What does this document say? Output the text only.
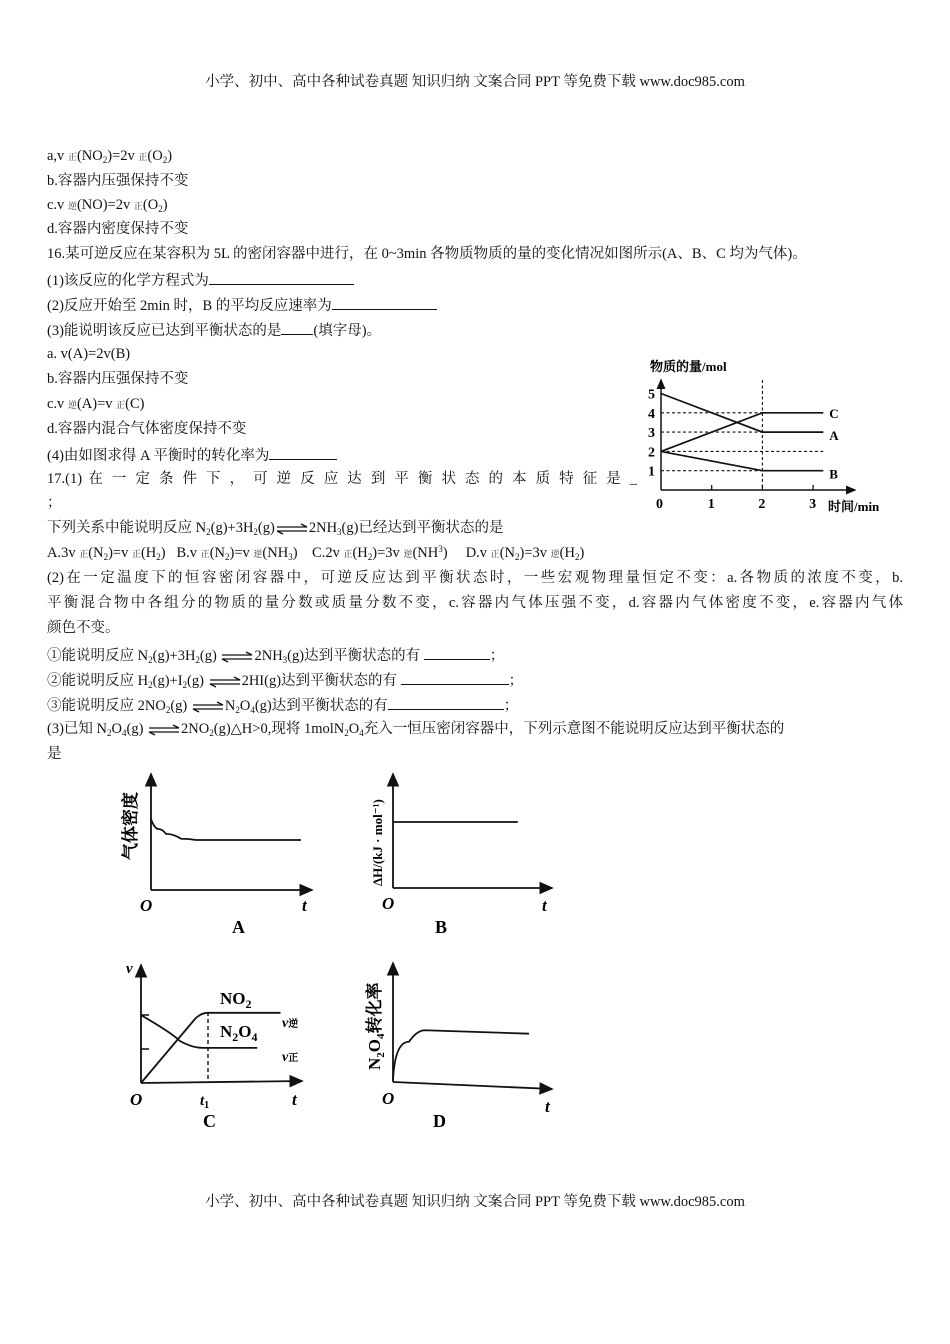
小学、初中、高中各种试卷真题 知识归纳 文案合同 PPT 等免费下载 www.doc985.com
a,v 正$(NO_2)=2v$ 正$(O_2)$
b.容器内压强保持不变
c.v 逆(NO)=2v 正$(O_2)$
d.容器内密度保持不变
16.某可逆反应在某容积为 5L 的密闭容器中进行，在 0~3min 各物质物质的量的变化情况如图所示(A、B、C 均为气体)。
(1)该反应的化学方程式为
(2)反应开始至 2min 时，B 的平均反应速率为
(3)能说明该反应已达到平衡状态的是 (填字母)。
a. v(A)=2v(B)
b.容器内压强保持不变
c.v 逆(A)=v 正(C)
d.容器内混合气体密度保持不变
(4)由如图求得 A 平衡时的转化率为
物质的量/mol
1
2
3
4
5
1	2	3
C
A
B
0	时间/min
17.(1) 在 一 定 条 件 下 ， 可 逆 反 应 达 到 平 衡 状 态 的 本 质 特 征 是 _
；
下列关系中能说明反应 $N_2(g)+3H_2(g)\rightleftharpoons 2NH_3(g)$已经达到平衡状态的是
A.3v 正$(N_2)=v$ 正$(H_2)$ B.v 正$(N_2)=v$ 逆$(NH_3)$ C.2v 正$(H_2)=3v$ 逆$(NH^3)$ D.v 正$(N_2)=3v$ 逆$(H_2)$
(2)在一定温度下的恒容密闭容器中，可逆反应达到平衡状态时，一些宏观物理量恒定不变：a.各物质的浓度不变，b.
平衡混合物中各组分的物质的量分数或质量分数不变，c.容器内气体压强不变，d.容器内气体密度不变，e.容器内气体
颜色不变。
①能说明反应 $N_2(g)+3H_2(g)$ $\rightleftharpoons 2NH_3(g)$达到平衡状态的有	；
②能说明反应 $H_2(g)+I_2(g)$ ⇌2HI(g)达到平衡状态的有	；
③能说明反应 $2NO_2(g)$ $\rightleftharpoons N_2O_4(g)$达到平衡状态的有	；
(3)已知 $N_2O_4(g)$ $\rightleftharpoons 2NO_2(g)\triangle H>0$,现将 $1molN_2O_4$充入一恒压密闭容器中，下列示意图不能说明反应达到平衡状态的
是
气体密度
O	t
A
ΔH/(kJ · mol⁻¹)
O	t
B
v
$NO_2$
$N_2O_4$
v逆
v正
O	$t_1$	t
C
$N_2O_4$转化率
O	t
D
小学、初中、高中各种试卷真题 知识归纳 文案合同 PPT 等免费下载 www.doc985.com
